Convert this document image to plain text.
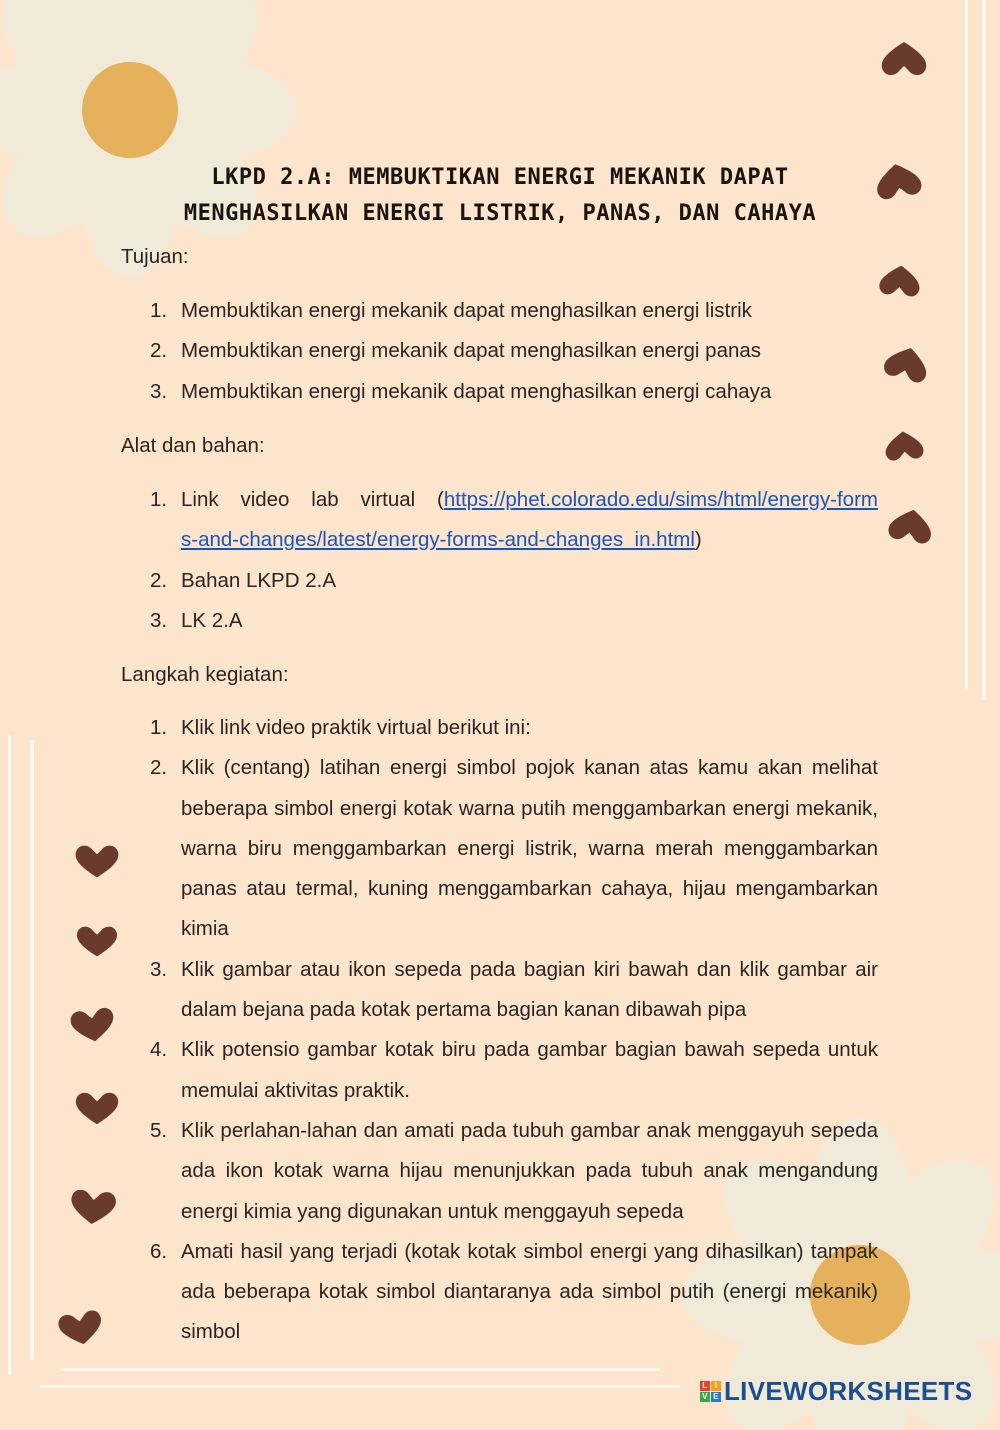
LKPD 2.A: MEMBUKTIKAN ENERGI MEKANIK DAPAT
MENGHASILKAN ENERGI LISTRIK, PANAS, DAN CAHAYA
Tujuan:
1. Membuktikan energi mekanik dapat menghasilkan energi listrik
2. Membuktikan energi mekanik dapat menghasilkan energi panas
3. Membuktikan energi mekanik dapat menghasilkan energi cahaya
Alat dan bahan:
1. Link video lab virtual (https://phet.colorado.edu/sims/html/energy-forms-and-changes/latest/energy-forms-and-changes_in.html)
2. Bahan LKPD 2.A
3. LK 2.A
Langkah kegiatan:
1. Klik link video praktik virtual berikut ini:
2. Klik (centang) latihan energi simbol pojok kanan atas kamu akan melihat beberapa simbol energi kotak warna putih menggambarkan energi mekanik, warna biru menggambarkan energi listrik, warna merah menggambarkan panas atau termal, kuning menggambarkan cahaya, hijau mengambarkan kimia
3. Klik gambar atau ikon sepeda pada bagian kiri bawah dan klik gambar air dalam bejana pada kotak pertama bagian kanan dibawah pipa
4. Klik potensio gambar kotak biru pada gambar bagian bawah sepeda untuk memulai aktivitas praktik.
5. Klik perlahan-lahan dan amati pada tubuh gambar anak menggayuh sepeda ada ikon kotak warna hijau menunjukkan pada tubuh anak mengandung energi kimia yang digunakan untuk menggayuh sepeda
6. Amati hasil yang terjadi (kotak kotak simbol energi yang dihasilkan) tampak ada beberapa kotak simbol diantaranya ada simbol putih (energi mekanik) simbol
L I
V E LIVEWORKSHEETS
